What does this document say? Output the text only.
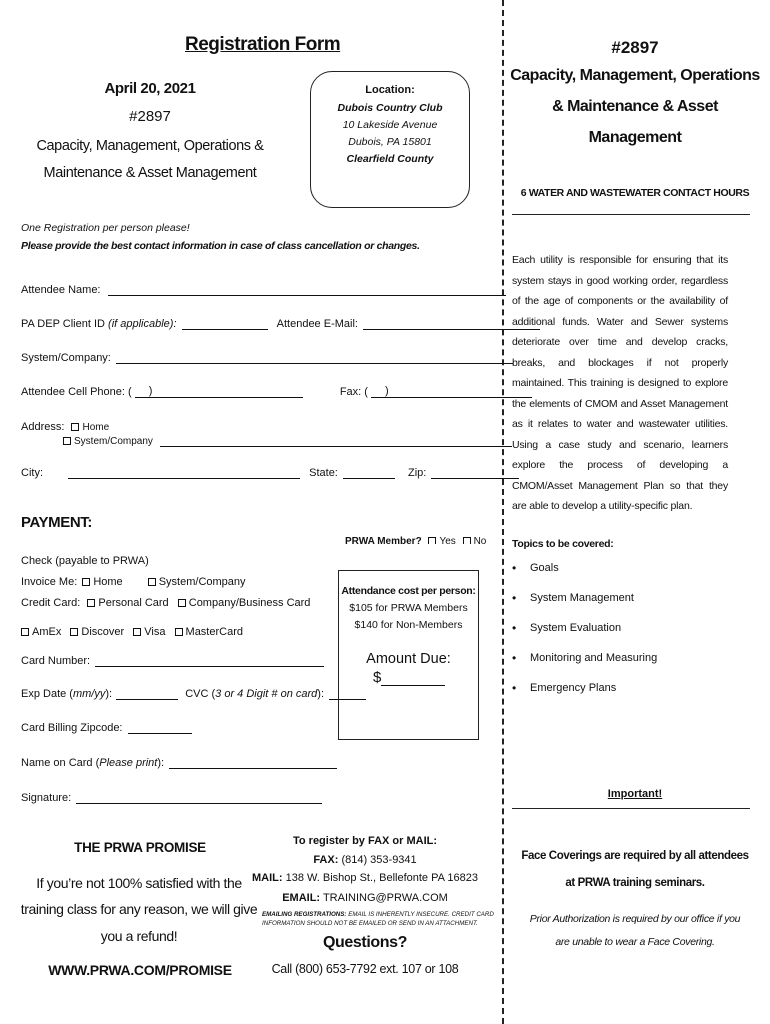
Registration Form
April 20, 2021
#2897
Capacity, Management, Operations &
Maintenance & Asset Management
Location:
Dubois Country Club
10 Lakeside Avenue
Dubois, PA 15801
Clearfield County
One Registration per person please!
Please provide the best contact information in case of class cancellation or changes.
Attendee Name:
PA DEP Client ID (if applicable):	Attendee E-Mail:
System/Company:
Attendee Cell Phone: ( )	Fax: ( )
Address: Home
System/Company
City:	State:	Zip:
PAYMENT:
PRWA Member? Yes No
Check (payable to PRWA)
Invoice Me: Home	System/Company
Credit Card: Personal Card Company/Business Card
AmEx Discover Visa MasterCard
Card Number:
Exp Date (mm/yy):	CVC (3 or 4 Digit # on card):
Card Billing Zipcode:
Name on Card (Please print):
Signature:
Attendance cost per person:
$105 for PRWA Members
$140 for Non-Members
Amount Due:
$
THE PRWA PROMISE
If you’re not 100% satisfied with the
training class for any reason, we will give
you a refund!
WWW.PRWA.COM/PROMISE
To register by FAX or MAIL:
FAX: (814) 353-9341
MAIL: 138 W. Bishop St., Bellefonte PA 16823
EMAIL: TRAINING@PRWA.COM
EMAILING REGISTRATIONS: EMAIL IS INHERENTLY INSECURE. CREDIT CARD
INFORMATION SHOULD NOT BE EMAILED OR SEND IN AN ATTACHMENT.
Questions?
Call (800) 653-7792 ext. 107 or 108
#2897
Capacity, Management, Operations
& Maintenance & Asset
Management
6 WATER AND WASTEWATER CONTACT HOURS
Each utility is responsible for ensuring that its system stays in good working order, regardless of the age of components or the availability of additional funds. Water and Sewer systems deteriorate over time and develop cracks, breaks, and blockages if not properly maintained. This training is designed to explore the elements of CMOM and Asset Management as it relates to water and wastewater utilities. Using a case study and scenario, learners explore the process of developing a CMOM/Asset Management Plan so that they are able to develop a utility-specific plan.
Topics to be covered:
• Goals
• System Management
• System Evaluation
• Monitoring and Measuring
• Emergency Plans
Important!
Face Coverings are required by all attendees
at PRWA training seminars.
Prior Authorization is required by our office if you
are unable to wear a Face Covering.
